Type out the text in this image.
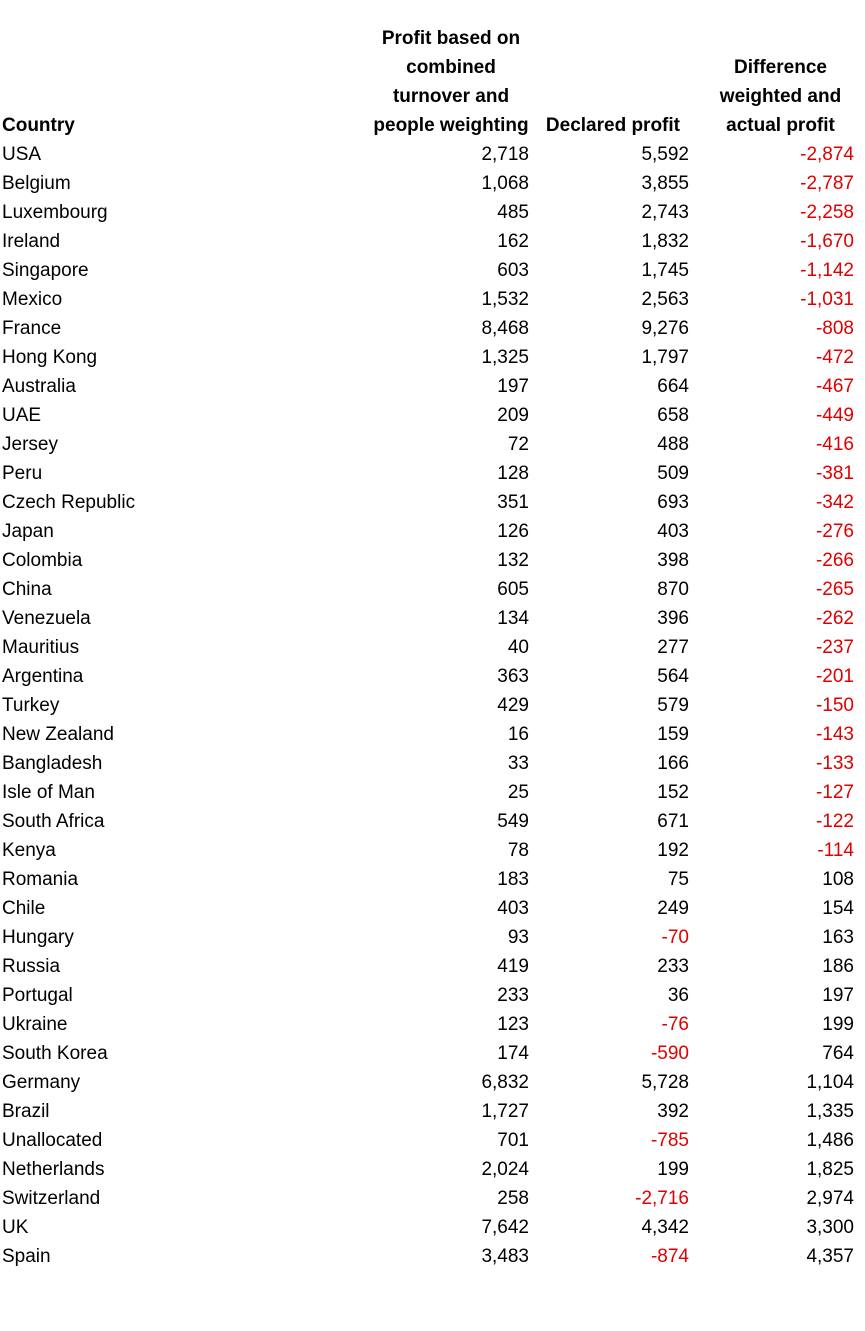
Country	Profit based on combined turnover and people weighting	Declared profit	Difference weighted and actual profit
USA	2,718	5,592	-2,874
Belgium	1,068	3,855	-2,787
Luxembourg	485	2,743	-2,258
Ireland	162	1,832	-1,670
Singapore	603	1,745	-1,142
Mexico	1,532	2,563	-1,031
France	8,468	9,276	-808
Hong Kong	1,325	1,797	-472
Australia	197	664	-467
UAE	209	658	-449
Jersey	72	488	-416
Peru	128	509	-381
Czech Republic	351	693	-342
Japan	126	403	-276
Colombia	132	398	-266
China	605	870	-265
Venezuela	134	396	-262
Mauritius	40	277	-237
Argentina	363	564	-201
Turkey	429	579	-150
New Zealand	16	159	-143
Bangladesh	33	166	-133
Isle of Man	25	152	-127
South Africa	549	671	-122
Kenya	78	192	-114
Romania	183	75	108
Chile	403	249	154
Hungary	93	-70	163
Russia	419	233	186
Portugal	233	36	197
Ukraine	123	-76	199
South Korea	174	-590	764
Germany	6,832	5,728	1,104
Brazil	1,727	392	1,335
Unallocated	701	-785	1,486
Netherlands	2,024	199	1,825
Switzerland	258	-2,716	2,974
UK	7,642	4,342	3,300
Spain	3,483	-874	4,357
